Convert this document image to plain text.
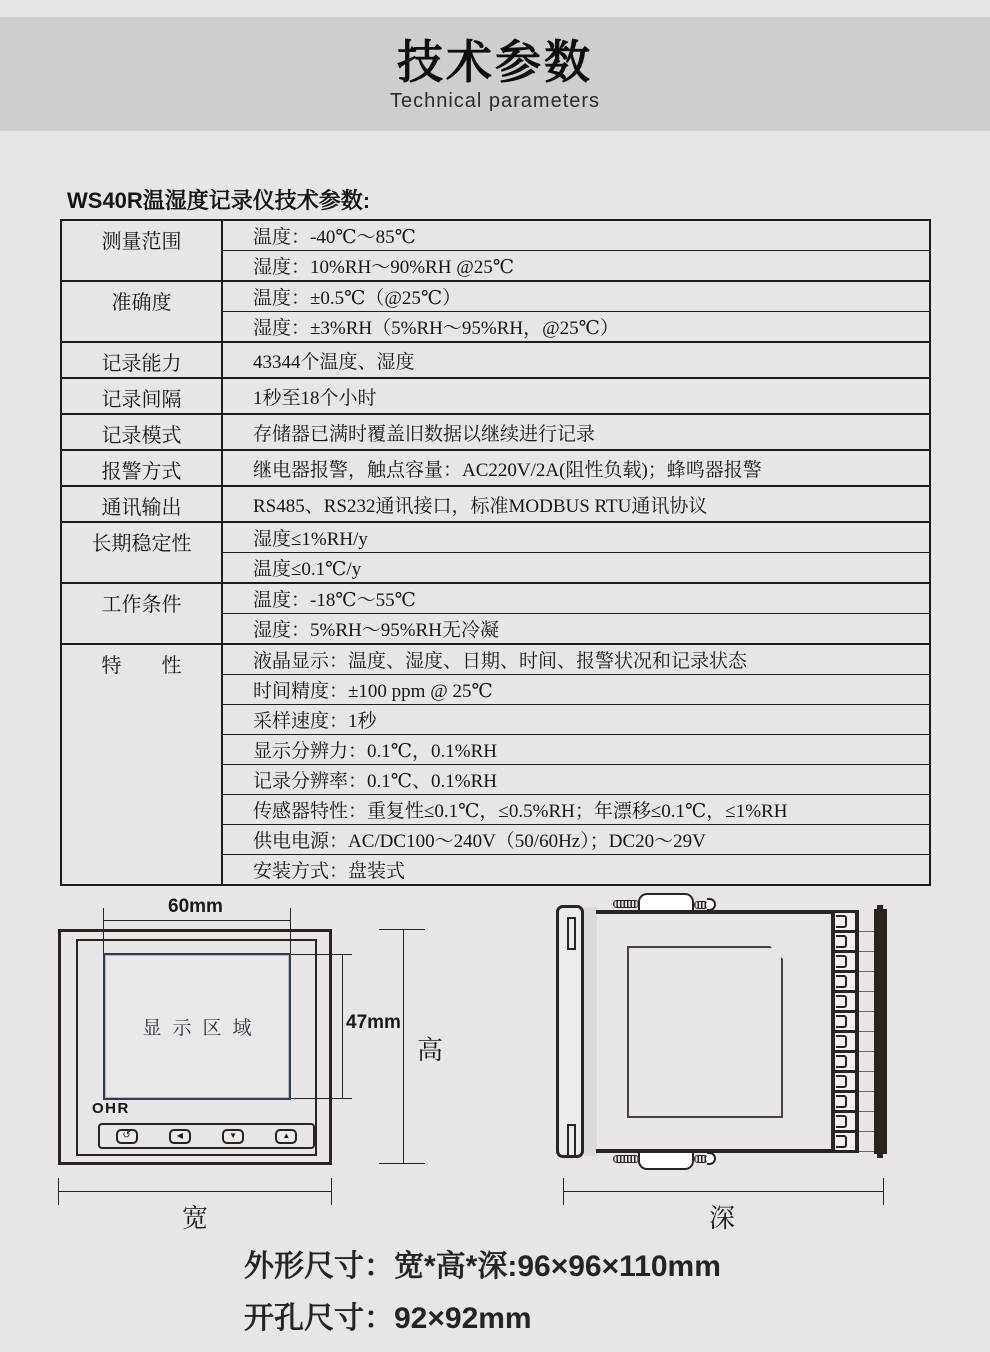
技术参数
Technical parameters
WS40R温湿度记录仪技术参数:
测量范围	温度：-40℃～85℃
	湿度：10%RH～90%RH @25℃
准确度	温度：±0.5℃（@25℃）
	湿度：±3%RH（5%RH～95%RH，@25℃）
记录能力	43344个温度、湿度
记录间隔	1秒至18个小时
记录模式	存储器已满时覆盖旧数据以继续进行记录
报警方式	继电器报警，触点容量：AC220V/2A(阻性负载)；蜂鸣器报警
通讯输出	RS485、RS232通讯接口，标准MODBUS RTU通讯协议
长期稳定性	湿度≤1%RH/y
	温度≤0.1℃/y
工作条件	温度：-18℃～55℃
	湿度：5%RH～95%RH无冷凝
特　　性	液晶显示：温度、湿度、日期、时间、报警状况和记录状态
	时间精度：±100 ppm @ 25℃
	采样速度：1秒
	显示分辨力：0.1℃，0.1%RH
	记录分辨率：0.1℃、0.1%RH
	传感器特性：重复性≤0.1℃，≤0.5%RH；年漂移≤0.1℃，≤1%RH
	供电电源：AC/DC100～240V（50/60Hz）；DC20～29V
	安装方式：盘装式
60mm
显示区域
OHR
↺	◀	▼	▲
47mm
高
宽	深
外形尺寸：宽*高*深:96×96×110mm
开孔尺寸：92×92mm
